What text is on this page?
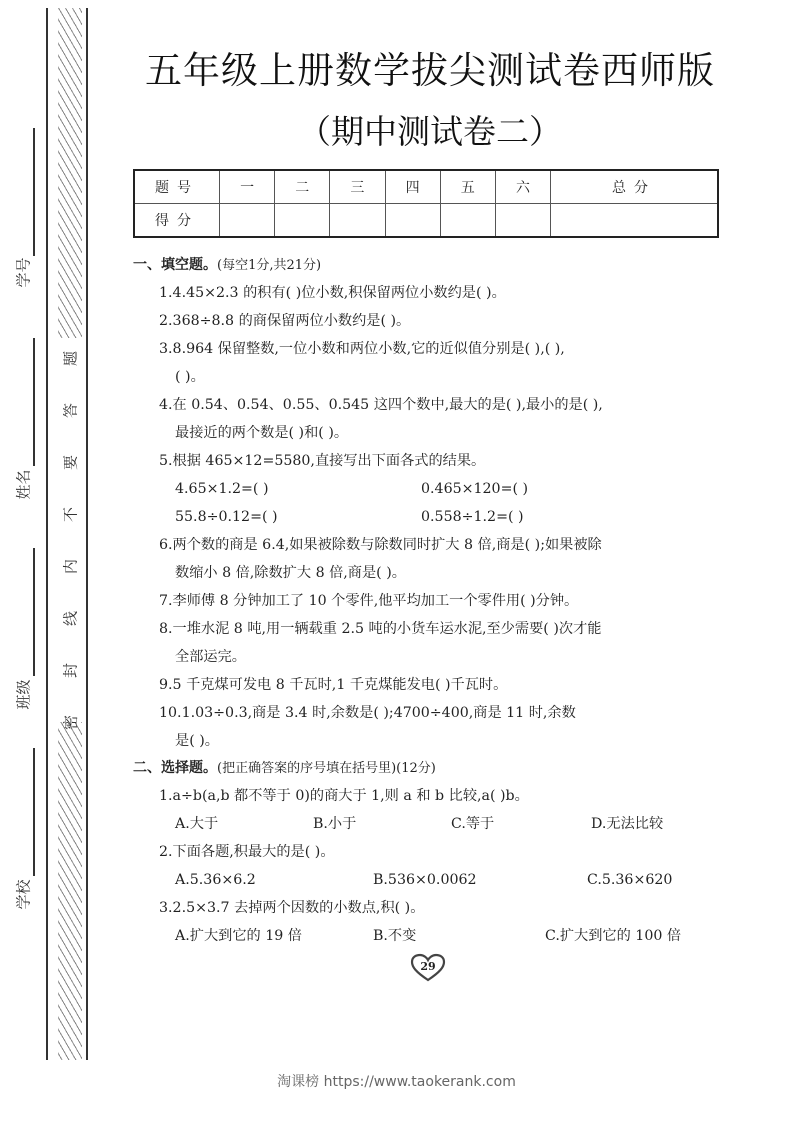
题
答
要
不
内
线
封
密
学号
姓名
班级
学校
五年级上册数学拔尖测试卷西师版
（期中测试卷二）
题号	一	二	三	四	五	六	总分
得分							
一、填空题。(每空1分,共21分)
1.4.45×2.3 的积有( )位小数,积保留两位小数约是( )。
2.368÷8.8 的商保留两位小数约是( )。
3.8.964 保留整数,一位小数和两位小数,它的近似值分别是( ),( ),
( )。
4.在 0.5̇4̇、0.54̇、0.55、0.545 这四个数中,最大的是( ),最小的是( ),
最接近的两个数是( )和( )。
5.根据 465×12=5580,直接写出下面各式的结果。
4.65×1.2=( )	0.465×120=( )
55.8÷0.12=( )	0.558÷1.2=( )
6.两个数的商是 6.4,如果被除数与除数同时扩大 8 倍,商是( );如果被除
数缩小 8 倍,除数扩大 8 倍,商是( )。
7.李师傅 8 分钟加工了 10 个零件,他平均加工一个零件用( )分钟。
8.一堆水泥 8 吨,用一辆载重 2.5 吨的小货车运水泥,至少需要( )次才能
全部运完。
9.5 千克煤可发电 8 千瓦时,1 千克煤能发电( )千瓦时。
10.1.03÷0.3,商是 3.4 时,余数是( );4700÷400,商是 11 时,余数
是( )。
二、选择题。(把正确答案的序号填在括号里)(12分)
1.a÷b(a,b 都不等于 0)的商大于 1,则 a 和 b 比较,a( )b。
A.大于	B.小于	C.等于	D.无法比较
2.下面各题,积最大的是( )。
A.5.36×6.2	B.536×0.0062	C.5.36×620
3.2.5×3.7 去掉两个因数的小数点,积( )。
A.扩大到它的 19 倍	B.不变	C.扩大到它的 100 倍
29
淘课榜 https://www.taokerank.com
